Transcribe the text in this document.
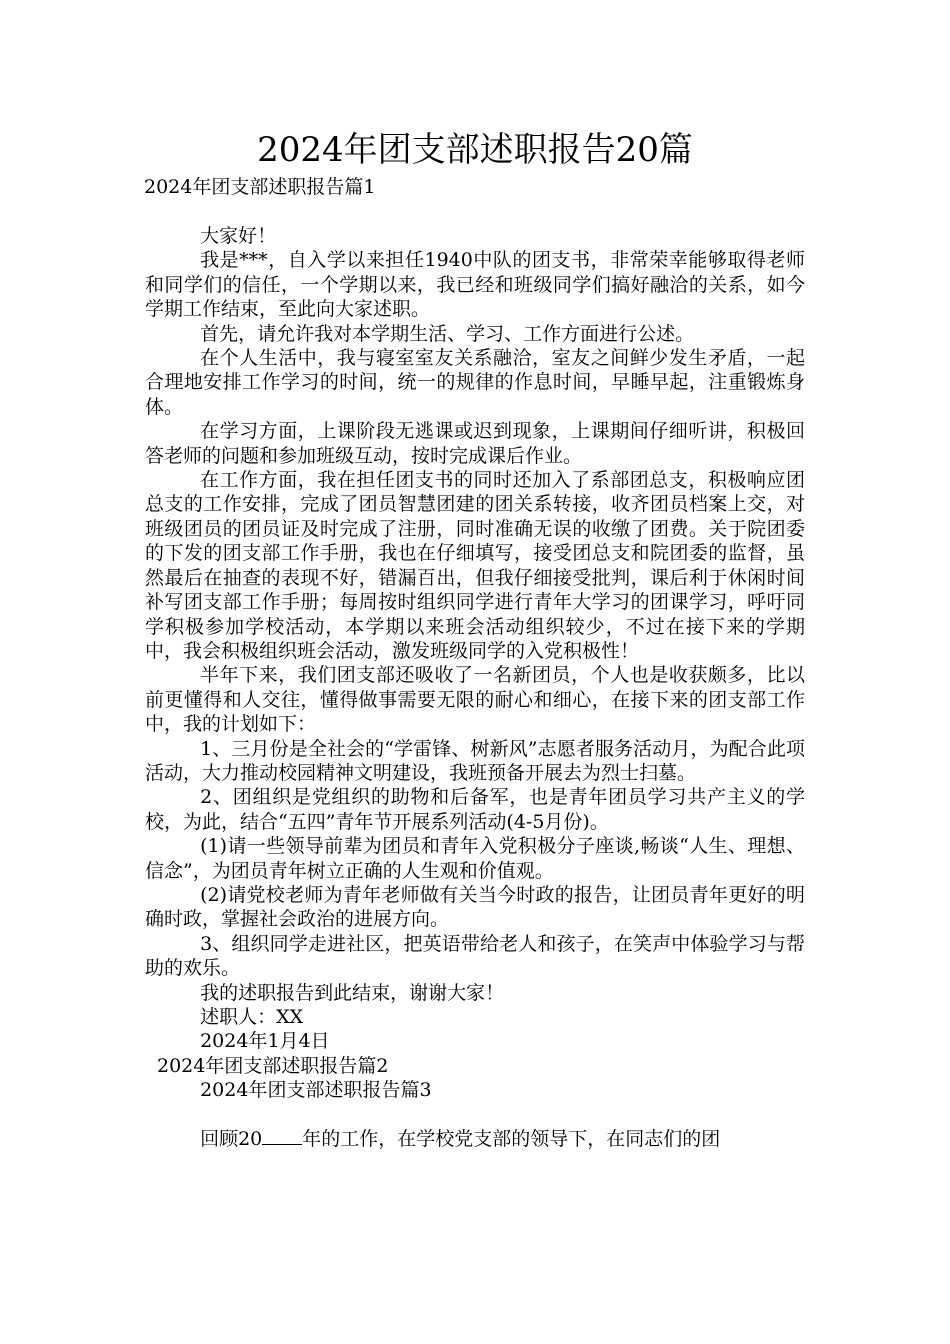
2024年团支部述职报告20篇
2024年团支部述职报告篇1

大家好！

我是***，自入学以来担任1940中队的团支书，非常荣幸能够取得老师和同学们的信任，一个学期以来，我已经和班级同学们搞好融洽的关系，如今学期工作结束，至此向大家述职。

首先，请允许我对本学期生活、学习、工作方面进行公述。

在个人生活中，我与寝室室友关系融洽，室友之间鲜少发生矛盾，一起合理地安排工作学习的时间，统一的规律的作息时间，早睡早起，注重锻炼身体。

在学习方面，上课阶段无逃课或迟到现象，上课期间仔细听讲，积极回答老师的问题和参加班级互动，按时完成课后作业。

在工作方面，我在担任团支书的同时还加入了系部团总支，积极响应团总支的工作安排，完成了团员智慧团建的团关系转接，收齐团员档案上交，对班级团员的团员证及时完成了注册，同时准确无误的收缴了团费。关于院团委的下发的团支部工作手册，我也在仔细填写，接受团总支和院团委的监督，虽然最后在抽查的表现不好，错漏百出，但我仔细接受批判，课后利于休闲时间补写团支部工作手册；每周按时组织同学进行青年大学习的团课学习，呼吁同学积极参加学校活动，本学期以来班会活动组织较少，不过在接下来的学期中，我会积极组织班会活动，激发班级同学的入党积极性！

半年下来，我们团支部还吸收了一名新团员，个人也是收获颇多，比以前更懂得和人交往，懂得做事需要无限的耐心和细心，在接下来的团支部工作中，我的计划如下：

1、三月份是全社会的“学雷锋、树新风”志愿者服务活动月，为配合此项活动，大力推动校园精神文明建设，我班预备开展去为烈士扫墓。

2、团组织是党组织的助物和后备军，也是青年团员学习共产主义的学校，为此，结合“五四”青年节开展系列活动(4-5月份)。

(1)请一些领导前辈为团员和青年入党积极分子座谈,畅谈“人生、理想、信念”，为团员青年树立正确的人生观和价值观。

(2)请党校老师为青年老师做有关当今时政的报告，让团员青年更好的明确时政，掌握社会政治的进展方向。

3、组织同学走进社区，把英语带给老人和孩子，在笑声中体验学习与帮助的欢乐。

我的述职报告到此结束，谢谢大家！

述职人：XX

2024年1月4日

2024年团支部述职报告篇2

2024年团支部述职报告篇3

回顾20 年的工作，在学校党支部的领导下，在同志们的团
